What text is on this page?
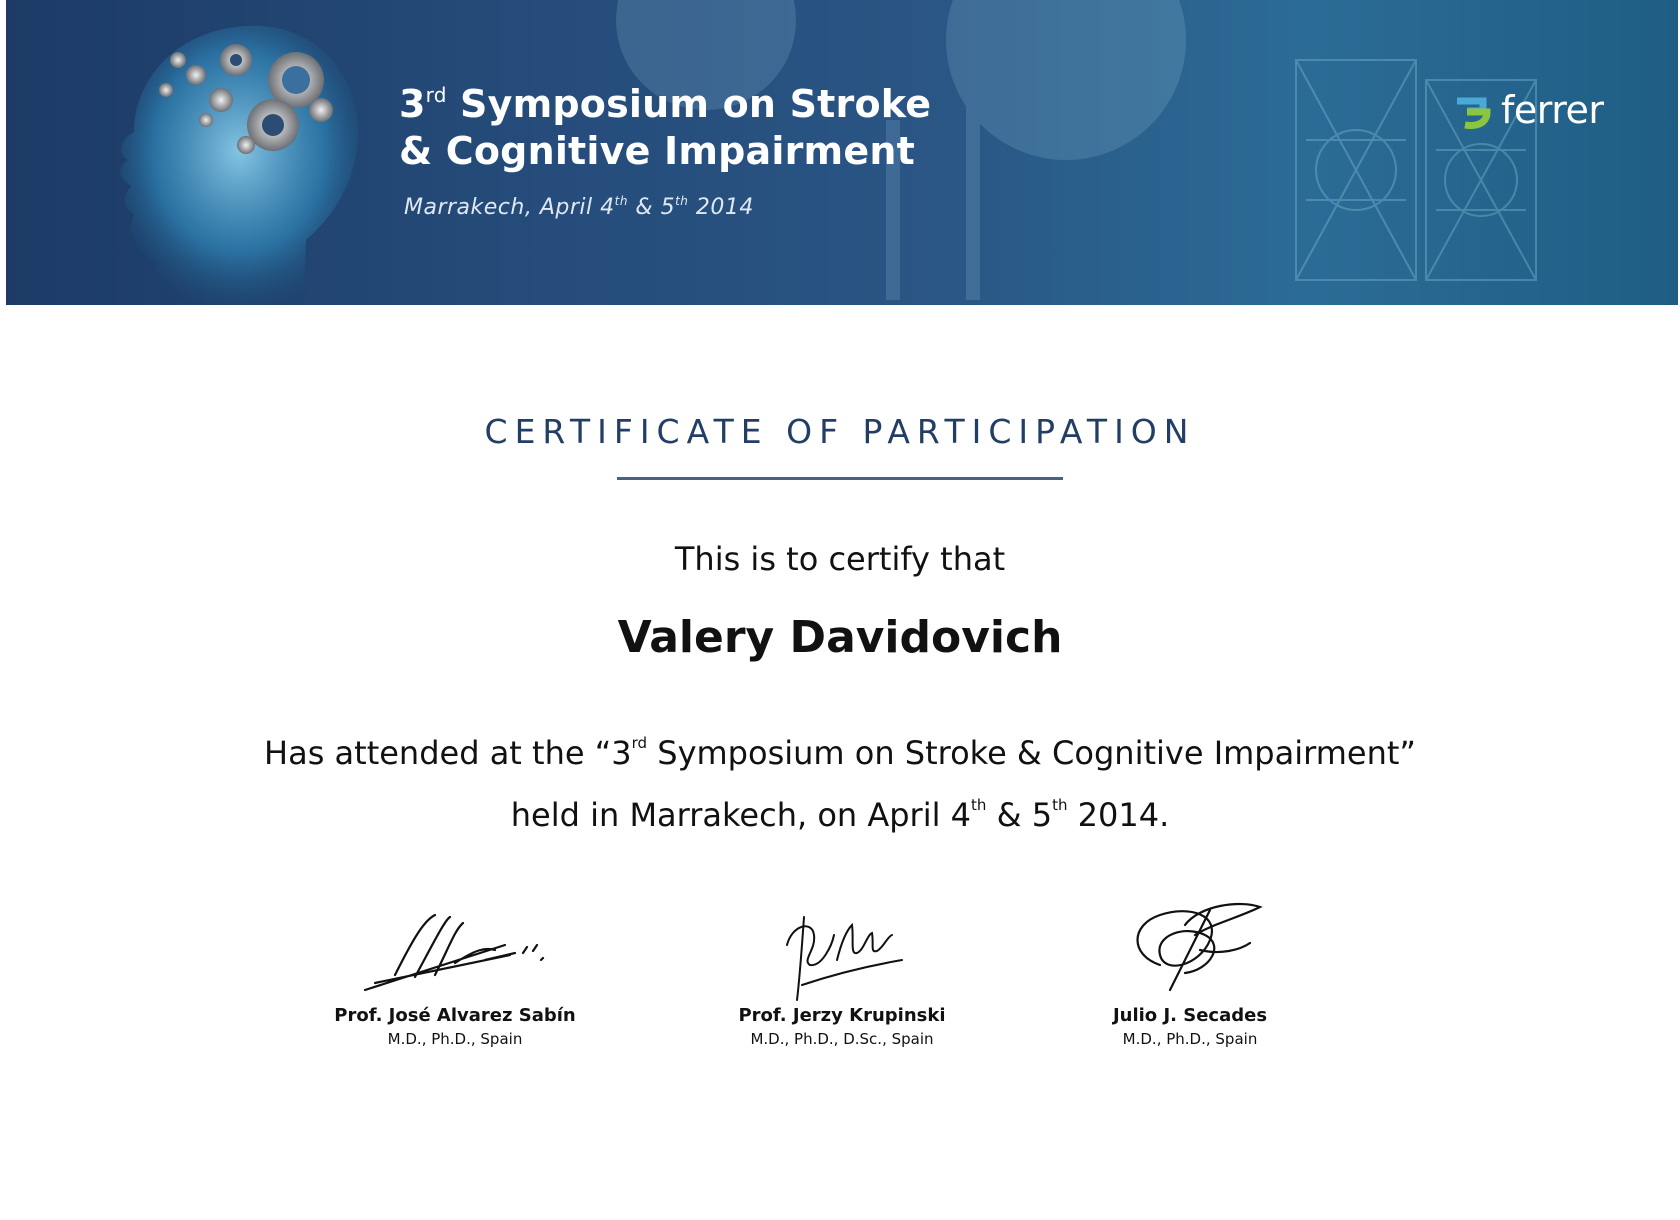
3rd Symposium on Stroke
& Cognitive Impairment
Marrakech, April 4th & 5th 2014
ferrer
CERTIFICATE OF PARTICIPATION
This is to certify that
Valery Davidovich
Has attended at the “3rd Symposium on Stroke & Cognitive Impairment”
held in Marrakech, on April 4th & 5th 2014.
Prof. José Alvarez Sabín
M.D., Ph.D., Spain
Prof. Jerzy Krupinski
M.D., Ph.D., D.Sc., Spain
Julio J. Secades
M.D., Ph.D., Spain
